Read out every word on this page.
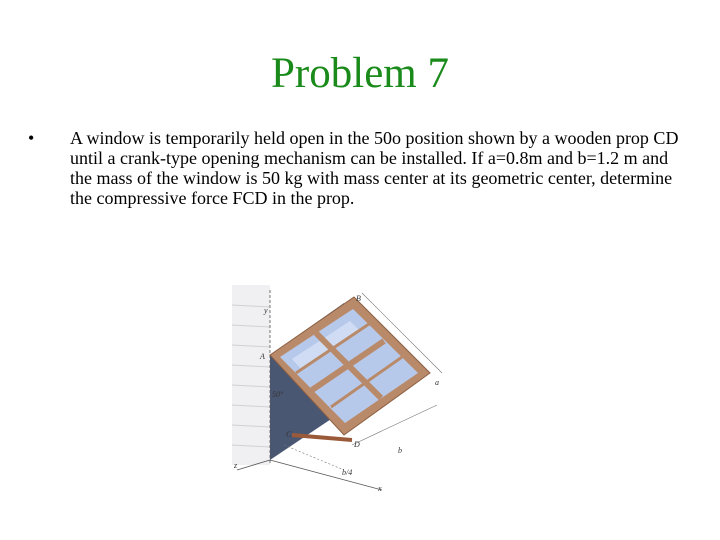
Problem 7
•	A window is temporarily held open in the 50o position shown by a wooden prop CD until a crank-type opening mechanism can be installed. If a=0.8m and b=1.2 m and the mass of the window is 50 kg with mass center at its geometric center, determine the compressive force FCD in the prop.
y
z
x
B
A
C
D
a
b
50°
b/4
